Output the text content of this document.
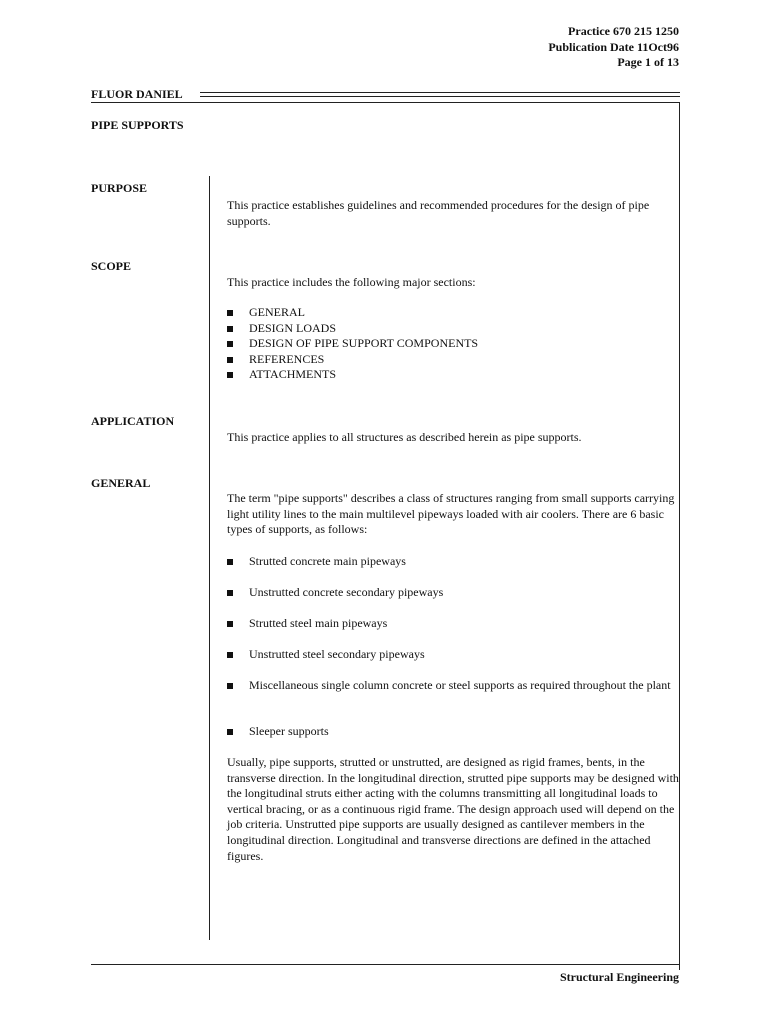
Practice 670 215 1250
Publication Date 11Oct96
Page 1 of 13
FLUOR DANIEL
PIPE SUPPORTS
PURPOSE

This practice establishes guidelines and recommended procedures for the design of pipe supports.

SCOPE

This practice includes the following major sections:

GENERAL
DESIGN LOADS
DESIGN OF PIPE SUPPORT COMPONENTS
REFERENCES
ATTACHMENTS
APPLICATION

This practice applies to all structures as described herein as pipe supports.

GENERAL

The term "pipe supports" describes a class of structures ranging from small supports carrying light utility lines to the main multilevel pipeways loaded with air coolers. There are 6 basic types of supports, as follows:

Strutted concrete main pipeways
Unstrutted concrete secondary pipeways
Strutted steel main pipeways
Unstrutted steel secondary pipeways
Miscellaneous single column concrete or steel supports as required throughout the plant
Sleeper supports

Usually, pipe supports, strutted or unstrutted, are designed as rigid frames, bents, in the transverse direction. In the longitudinal direction, strutted pipe supports may be designed with the longitudinal struts either acting with the columns transmitting all longitudinal loads to vertical bracing, or as a continuous rigid frame. The design approach used will depend on the job criteria. Unstrutted pipe supports are usually designed as cantilever members in the longitudinal direction. Longitudinal and transverse directions are defined in the attached figures.

Structural Engineering
